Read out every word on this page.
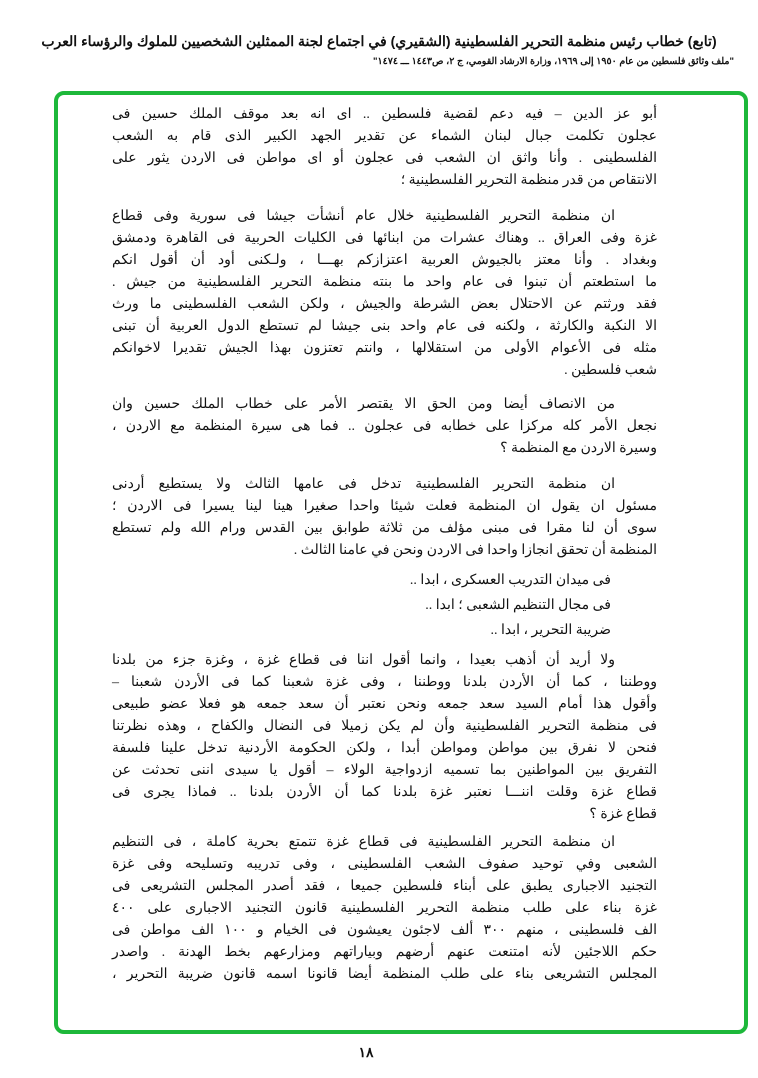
(تابع) خطاب رئيس منظمة التحرير الفلسطينية (الشقيري) في اجتماع لجنة الممثلين الشخصيين للملوك والرؤساء العرب
"ملف وثائق فلسطين من عام ١٩٥٠ إلى ١٩٦٩، وزارة الارشاد القومي، ج ٢، ص١٤٤٣ ـــ ١٤٧٤"
أبو عز الدين – فيه دعم لقضية فلسطين .. اى انه بعد موقف الملك حسين فى
عجلون تكلمت جبال لبنان الشماء عن تقدير الجهد الكبير الذى قام به الشعب
الفلسطينى . وأنا واثق ان الشعب فى عجلون أو اى مواطن فى الاردن يثور على
الانتقاص من قدر منظمة التحرير الفلسطينية ؛
ان منظمة التحرير الفلسطينية خلال عام أنشأت جيشا فى سورية وفى قطاع
غزة وفى العراق .. وهناك عشرات من ابنائها فى الكليات الحربية فى القاهرة ودمشق
وبغداد . وأنا معتز بالجيوش العربية اعتزازكم بهـــا ، ولـكنى أود أن أقول انكم
ما استطعتم أن تبنوا فى عام واحد ما بنته منظمة التحرير الفلسطينية من جيش .
فقد ورثتم عن الاحتلال بعض الشرطة والجيش ، ولكن الشعب الفلسطينى ما ورث
الا النكبة والكارثة ، ولكنه فى عام واحد بنى جيشا لم تستطع الدول العربية أن تبنى
مثله فى الأعوام الأولى من استقلالها ، وانتم تعتزون بهذا الجيش تقديرا لاخوانكم
شعب فلسطين .
من الانصاف أيضا ومن الحق الا يقتصر الأمر على خطاب الملك حسين وان
نجعل الأمر كله مركزا على خطابه فى عجلون .. فما هى سيرة المنظمة مع الاردن ،
وسيرة الاردن مع المنظمة ؟
ان منظمة التحرير الفلسطينية تدخل فى عامها الثالث ولا يستطيع أردنى
مسئول ان يقول ان المنظمة فعلت شيئا واحدا صغيرا هينا لينا يسيرا فى الاردن ؛
سوى أن لنا مقرا فى مبنى مؤلف من ثلاثة طوابق بين القدس ورام الله ولم تستطع
المنظمة أن تحقق انجازا واحدا فى الاردن ونحن في عامنا الثالث .
فى ميدان التدريب العسكرى ، ابدا ..
فى مجال التنظيم الشعبى ؛ ابدا ..
ضريبة التحرير ، ابدا ..
ولا أريد أن أذهب بعيدا ، وانما أقول اننا فى قطاع غزة ، وغزة جزء من بلدنا
ووطننا ، كما أن الأردن بلدنا ووطننا ، وفى غزة شعبنا كما فى الأردن شعبنا –
وأقول هذا أمام السيد سعد جمعه ونحن نعتبر أن سعد جمعه هو فعلا عضو طبيعى
فى منظمة التحرير الفلسطينية وأن لم يكن زميلا فى النضال والكفاح ، وهذه نظرتنا
فنحن لا نفرق بين مواطن ومواطن أبدا ، ولكن الحكومة الأردنية تدخل علينا فلسفة
التفريق بين المواطنين بما تسميه ازدواجية الولاء – أقول يا سيدى اننى تحدثت عن
قطاع غزة وقلت اننـــا نعتبر غزة بلدنا كما أن الأردن بلدنا .. فماذا يجرى فى
قطاع غزة ؟
ان منظمة التحرير الفلسطينية فى قطاع غزة تتمتع بحرية كاملة ، فى التنظيم
الشعبى وفي توحيد صفوف الشعب الفلسطينى ، وفى تدريبه وتسليحه وفى غزة
التجنيد الاجبارى يطبق على أبناء فلسطين جميعا ، فقد أصدر المجلس التشريعى فى
غزة بناء على طلب منظمة التحرير الفلسطينية قانون التجنيد الاجبارى على ٤٠٠
الف فلسطينى ، منهم ٣٠٠ ألف لاجئون يعيشون فى الخيام و ١٠٠ الف مواطن فى
حكم اللاجئين لأنه امتنعت عنهم أرضهم وبياراتهم ومزارعهم بخط الهدنة . واصدر
المجلس التشريعى بناء على طلب المنظمة أيضا قانونا اسمه قانون ضريبة التحرير ،
١٨
